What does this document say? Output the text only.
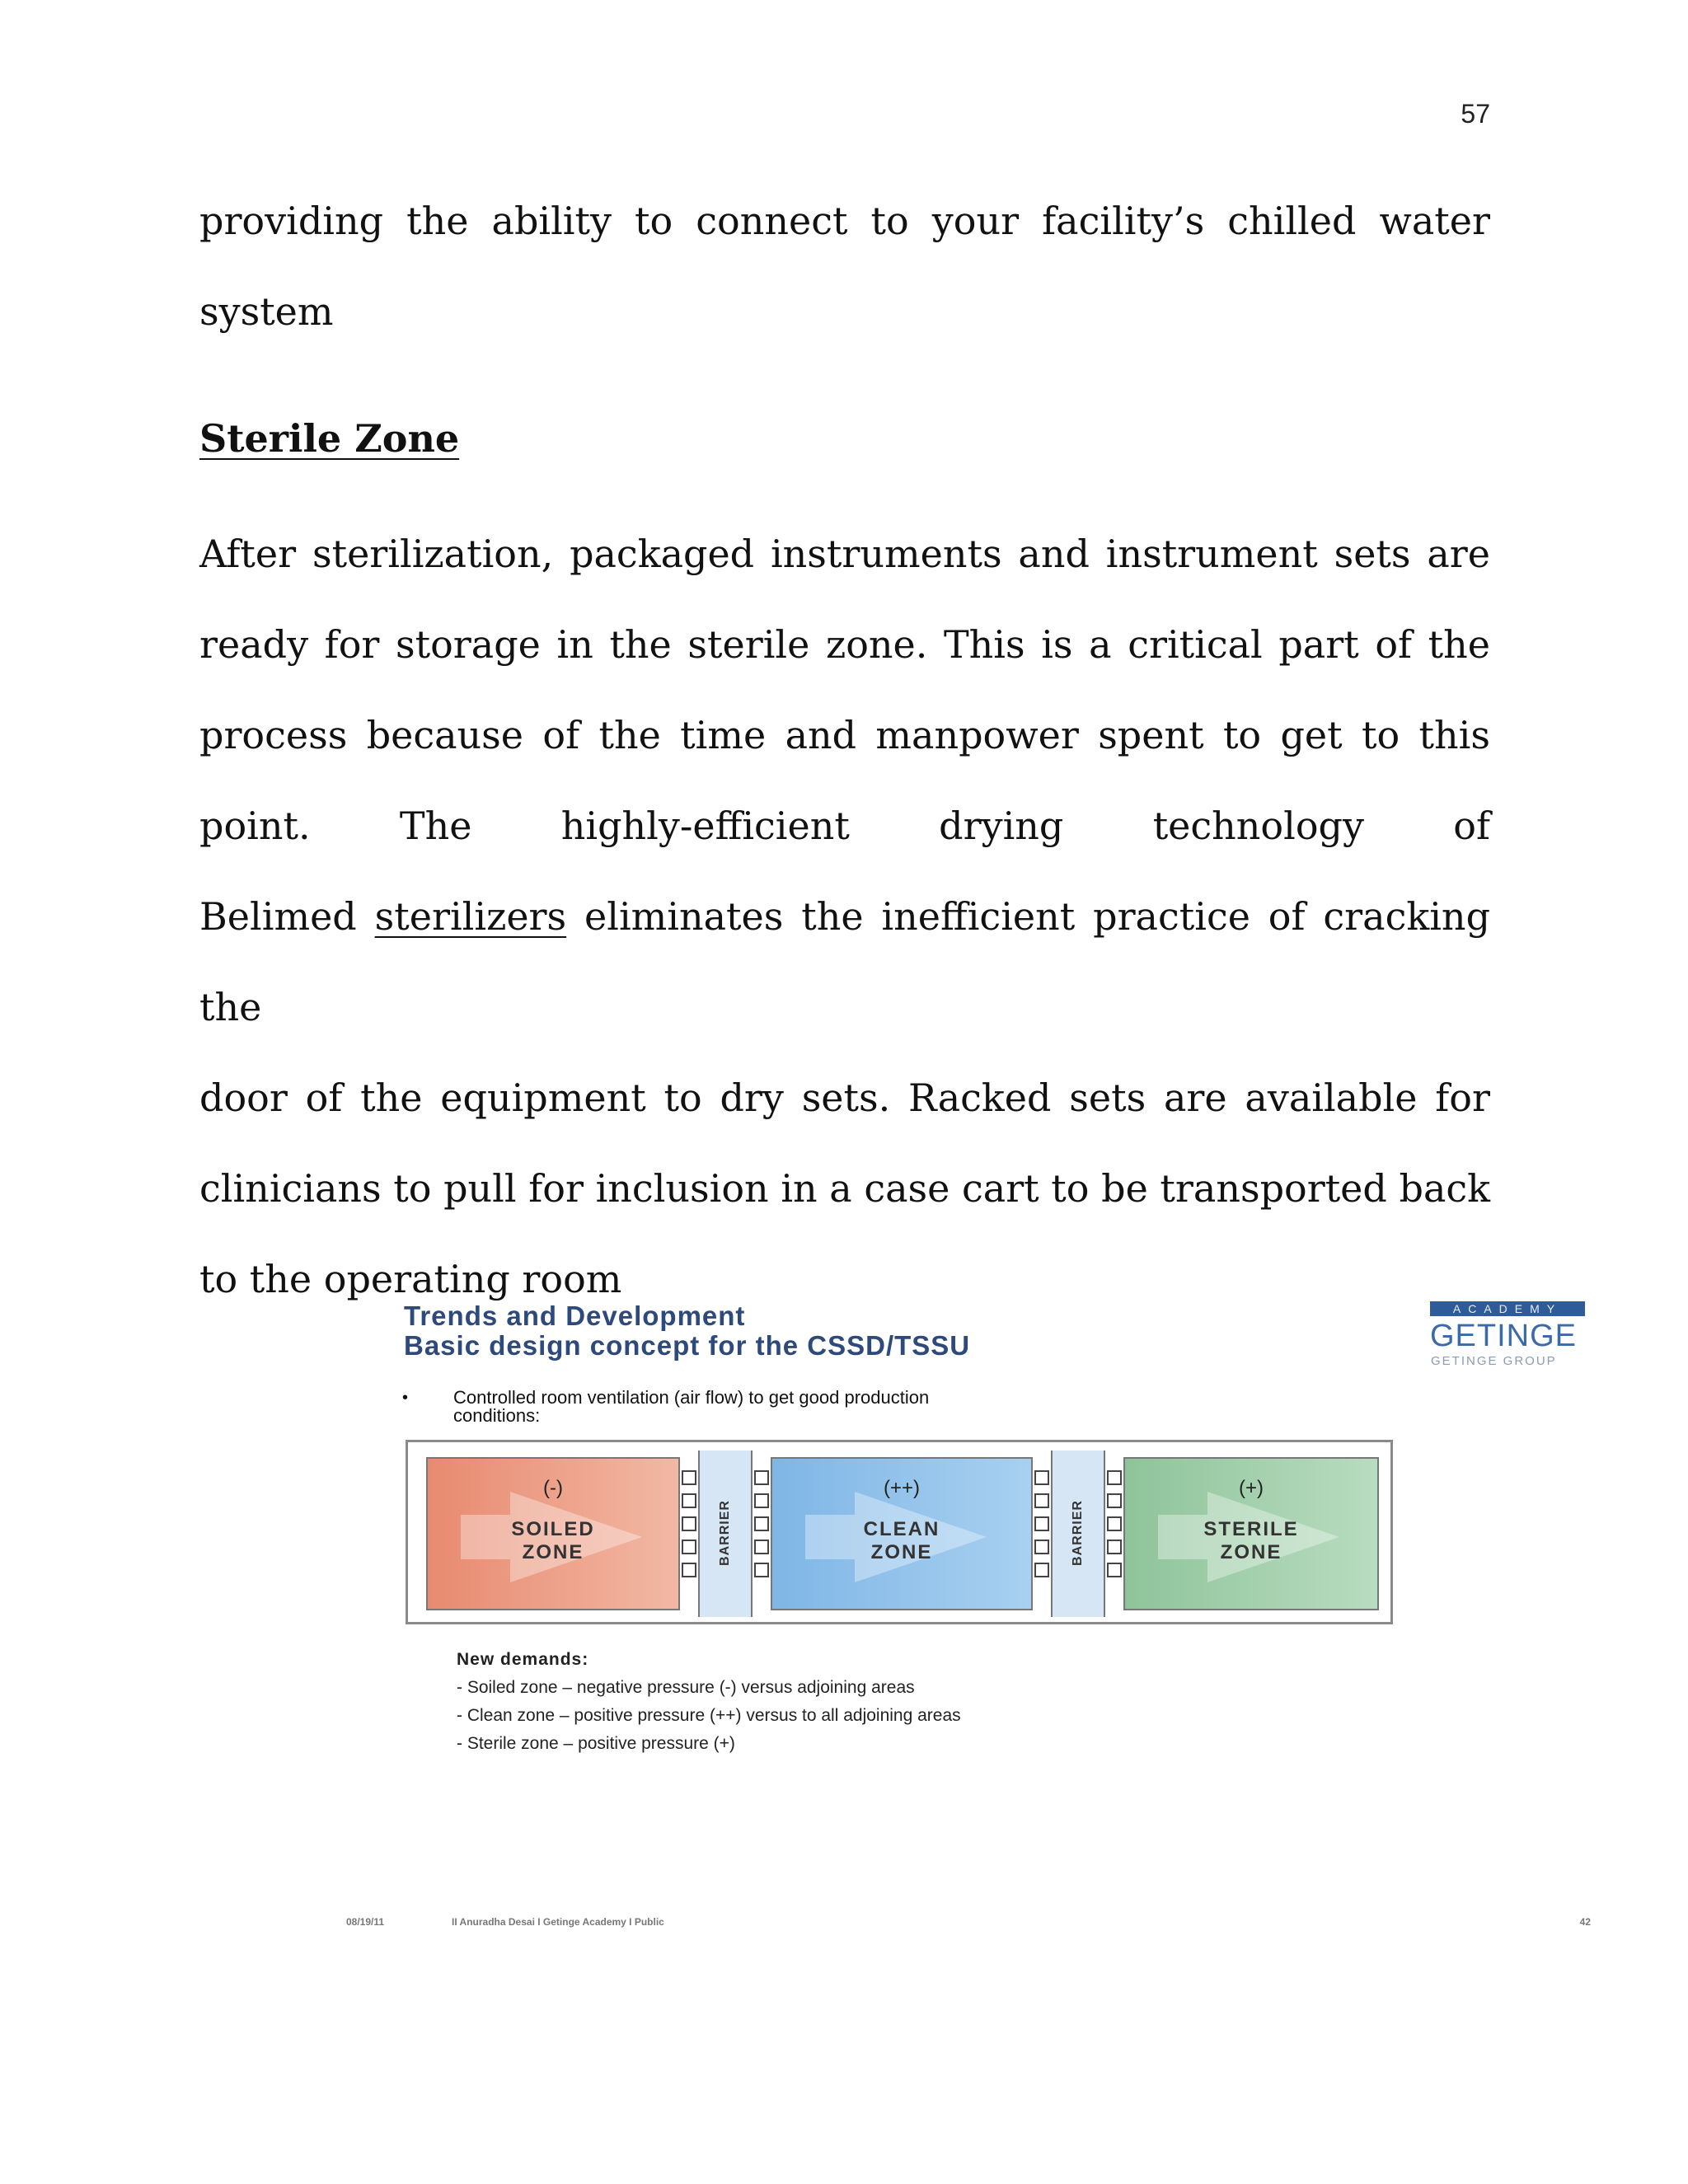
57

providing the ability to connect to your facility’s chilled water system

Sterile Zone
After sterilization, packaged instruments and instrument sets are
ready for storage in the sterile zone. This is a critical part of the
process because of the time and manpower spent to get to this
point. The highly-efficient drying technology of
Belimed sterilizers eliminates the inefficient practice of cracking the
door of the equipment to dry sets. Racked sets are available for
clinicians to pull for inclusion in a case cart to be transported back
to the operating room
Trends and Development
Basic design concept for the CSSD/TSSU
ACADEMY
GETINGE
GETINGE GROUP
• Controlled room ventilation (air flow) to get good production conditions:

(-)
SOILED
ZONE	BARRIER
(++)
CLEAN
ZONE	BARRIER
(+)
STERILE
ZONE

New demands:

- Soiled zone – negative pressure (-) versus adjoining areas

- Clean zone – positive pressure (++) versus to all adjoining areas

- Sterile zone – positive pressure (+)

08/19/11	II Anuradha Desai I Getinge Academy I Public	42
